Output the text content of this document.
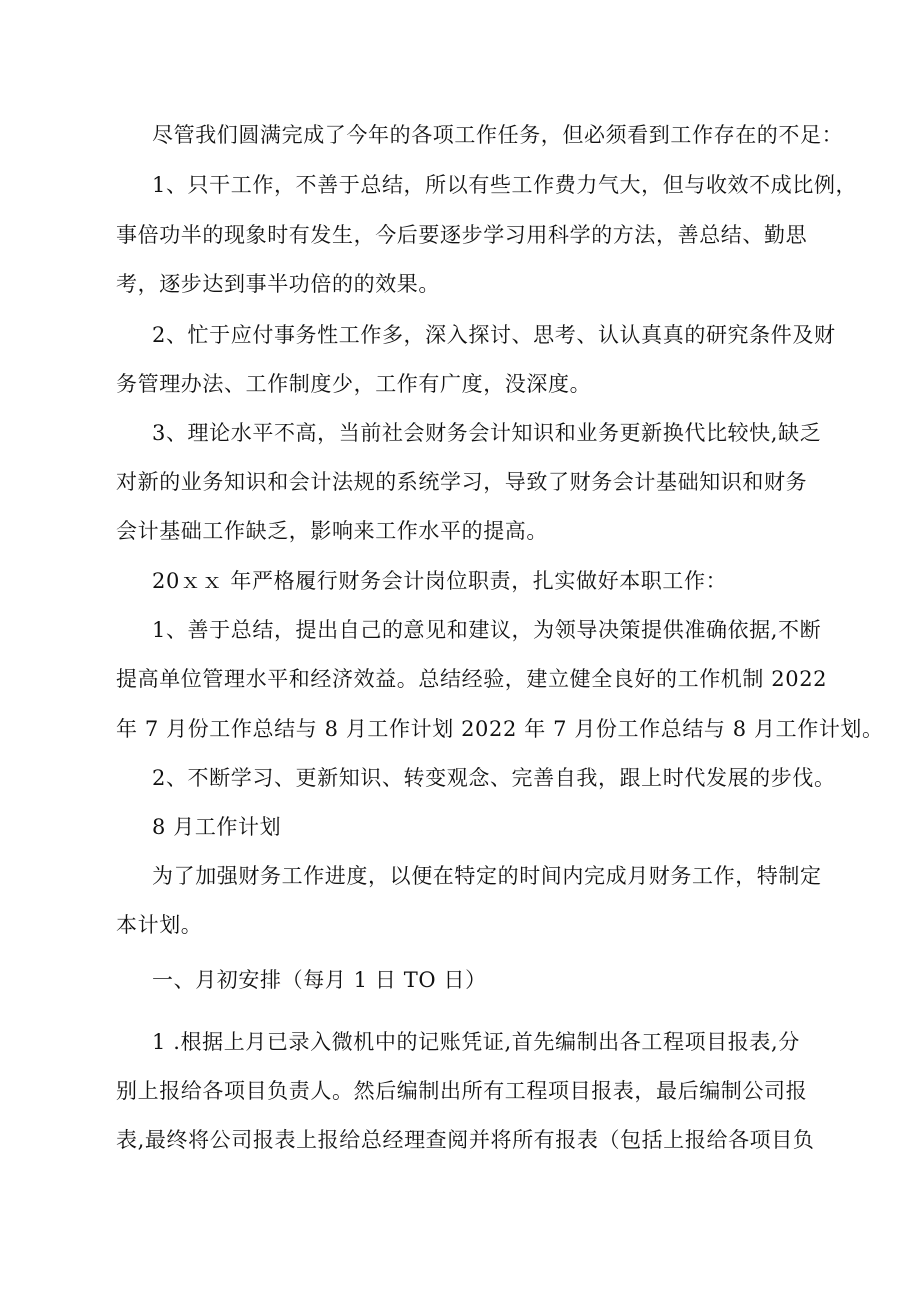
尽管我们圆满完成了今年的各项工作任务，但必须看到工作存在的不足：
1、只干工作，不善于总结，所以有些工作费力气大，但与收效不成比例，
事倍功半的现象时有发生，今后要逐步学习用科学的方法，善总结、勤思
考，逐步达到事半功倍的的效果。
2、忙于应付事务性工作多，深入探讨、思考、认认真真的研究条件及财
务管理办法、工作制度少，工作有广度，没深度。
3、理论水平不高，当前社会财务会计知识和业务更新换代比较快,缺乏
对新的业务知识和会计法规的系统学习，导致了财务会计基础知识和财务
会计基础工作缺乏，影响来工作水平的提高。
20ｘｘ 年严格履行财务会计岗位职责，扎实做好本职工作：
1、善于总结，提出自己的意见和建议，为领导决策提供准确依据,不断
提高单位管理水平和经济效益。总结经验，建立健全良好的工作机制 2022
年 7 月份工作总结与 8 月工作计划 2022 年 7 月份工作总结与 8 月工作计划。
2、不断学习、更新知识、转变观念、完善自我，跟上时代发展的步伐。
8 月工作计划
为了加强财务工作进度，以便在特定的时间内完成月财务工作，特制定
本计划。
一、月初安排（每月 1 日 TO 日）
1 .根据上月已录入微机中的记账凭证,首先编制出各工程项目报表,分
别上报给各项目负责人。然后编制出所有工程项目报表，最后编制公司报
表,最终将公司报表上报给总经理查阅并将所有报表（包括上报给各项目负
